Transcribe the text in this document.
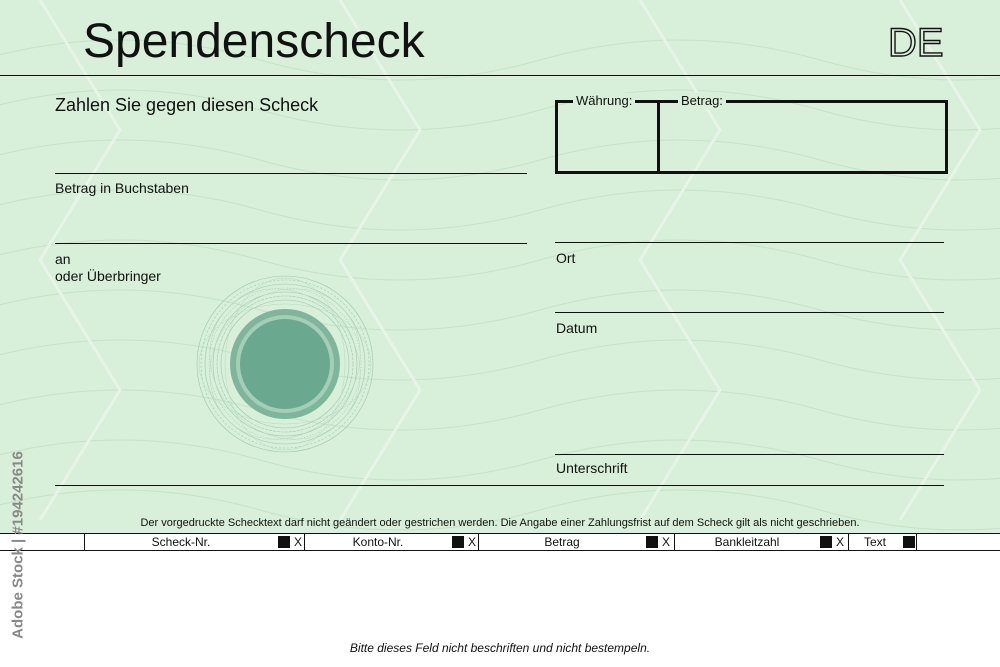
Spendenscheck	DE
Zahlen Sie gegen diesen Scheck
Betrag in Buchstaben
an
oder Überbringer
Währung:	Betrag:
Ort
Datum
Unterschrift
Der vorgedruckte Schecktext darf nicht geändert oder gestrichen werden. Die Angabe einer Zahlungsfrist auf dem Scheck gilt als nicht geschrieben.
Scheck-Nr.	X	Konto-Nr.	X	Betrag	X	Bankleitzahl	X	Text
Bitte dieses Feld nicht beschriften und nicht bestempeln.
Adobe Stock | #194242616
